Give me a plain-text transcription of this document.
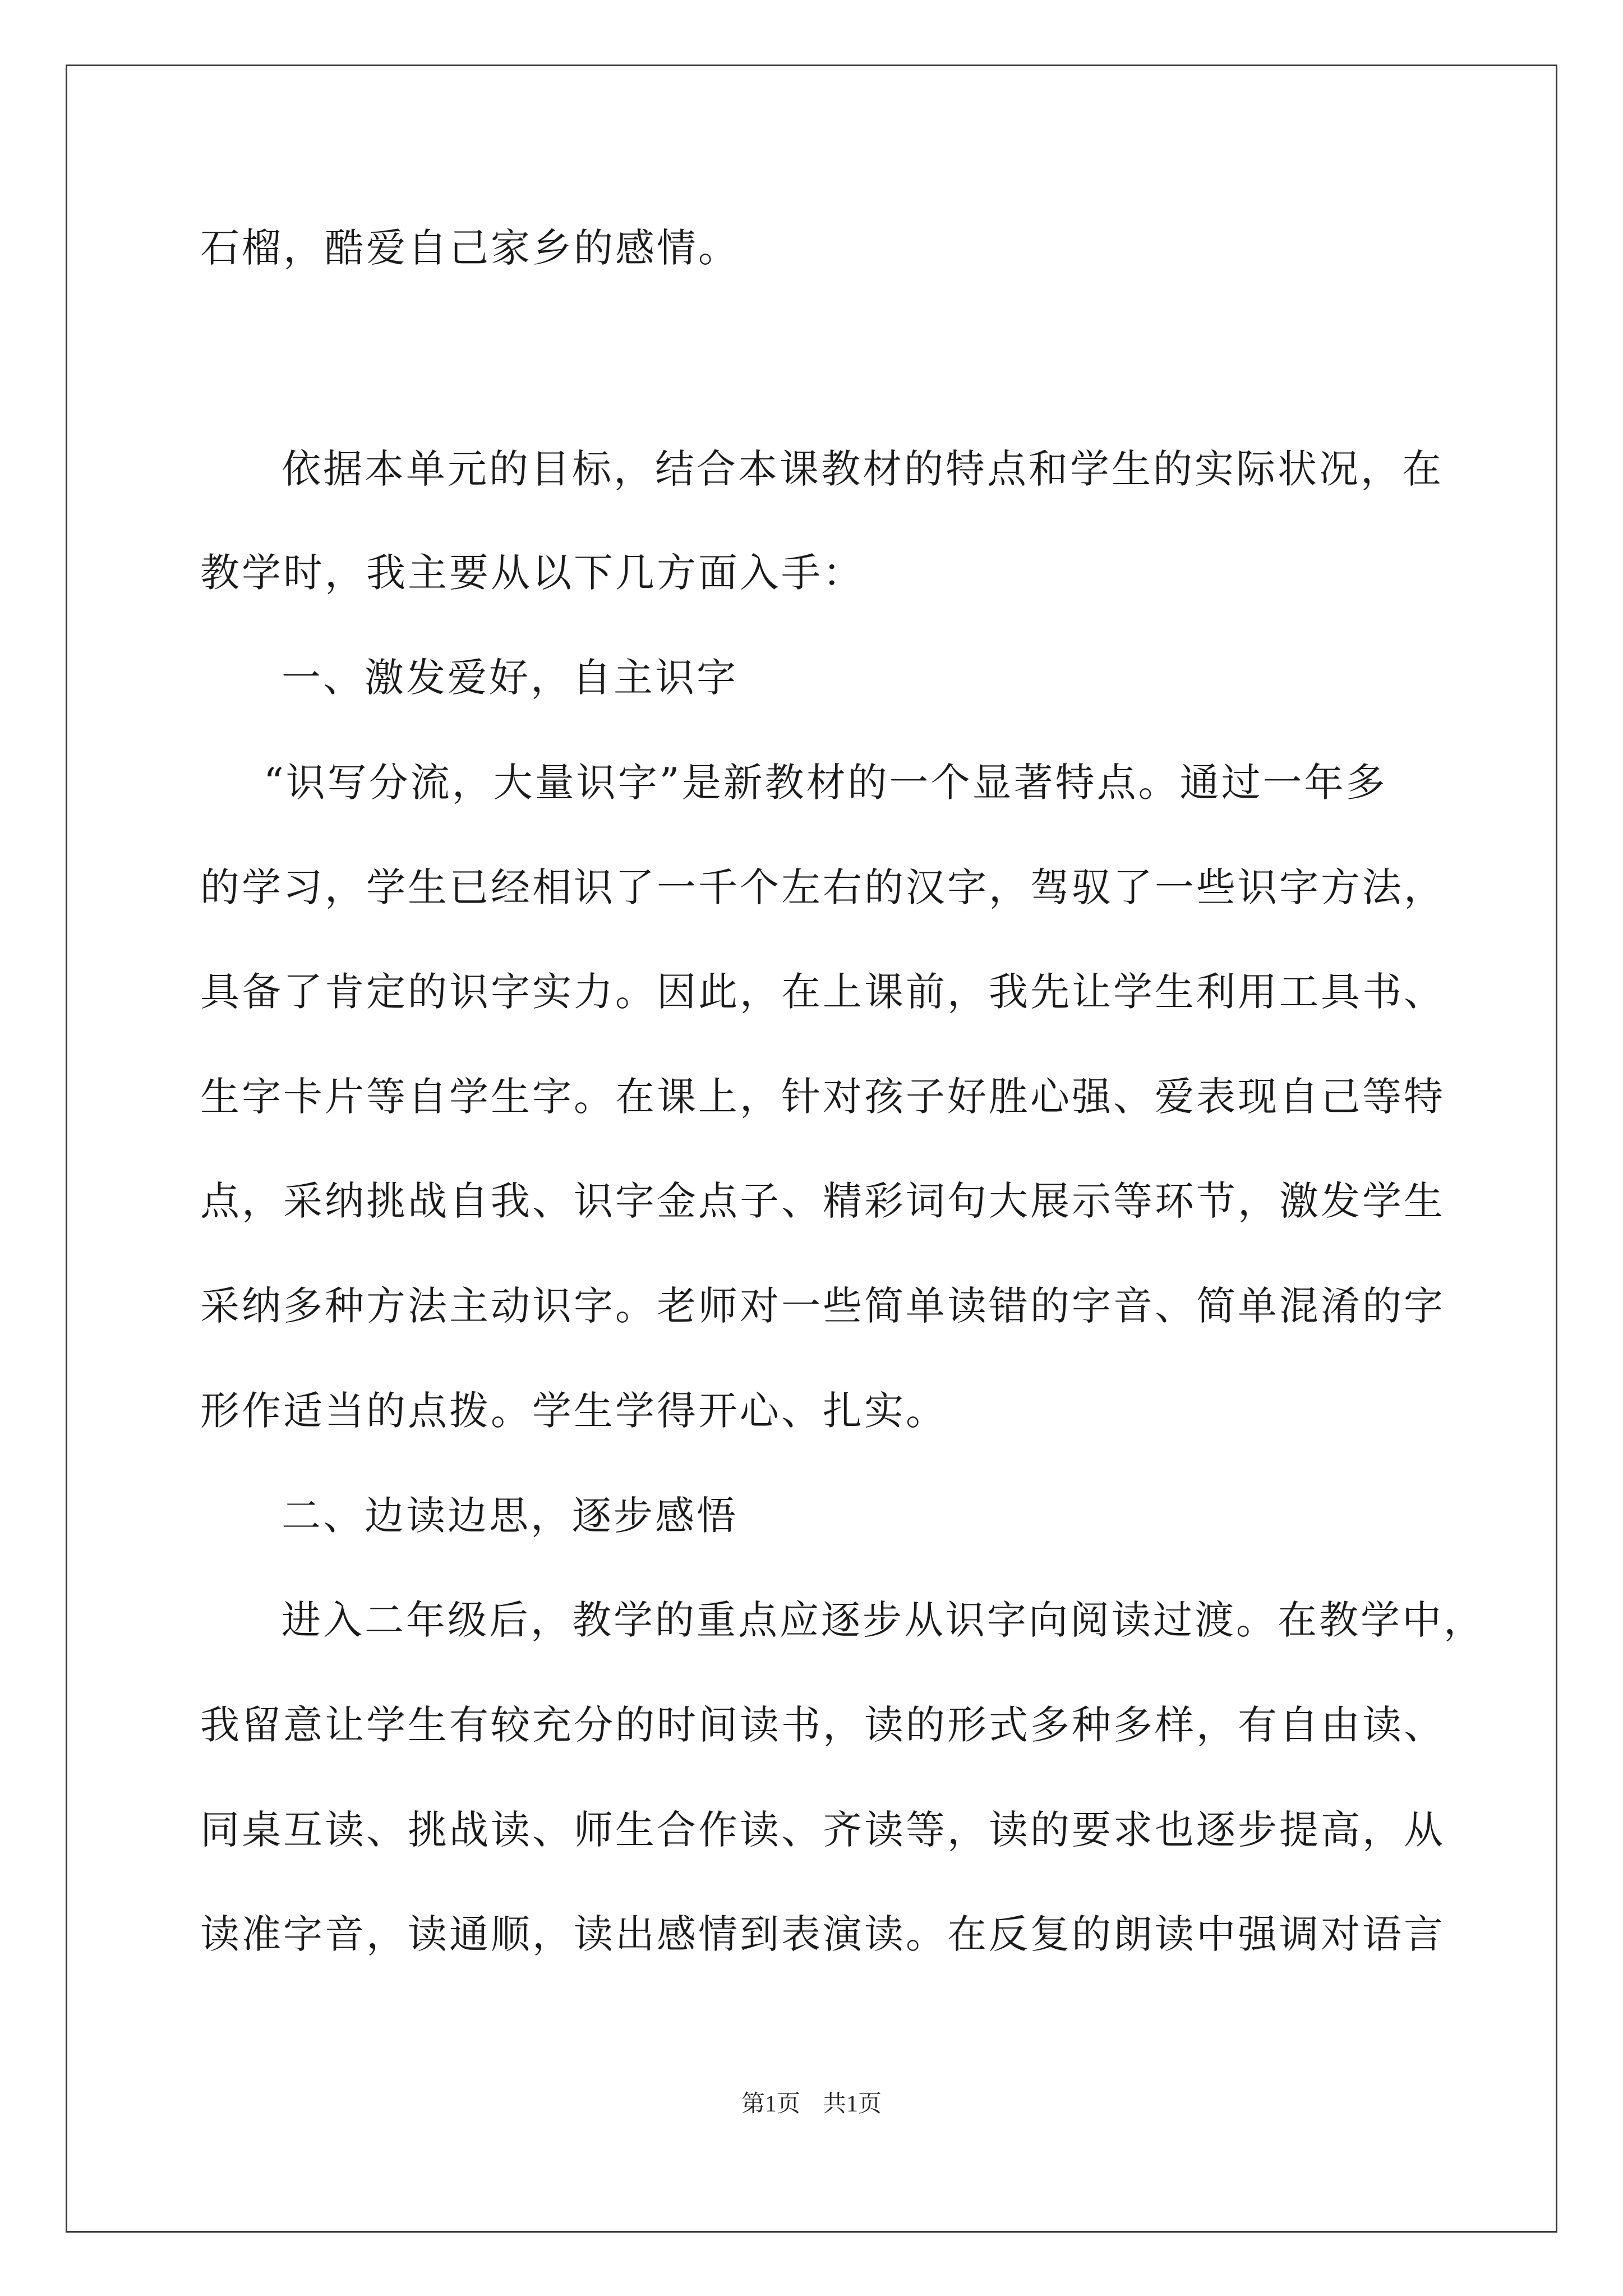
石榴，酷爱自己家乡的感情。
依据本单元的目标，结合本课教材的特点和学生的实际状况，在
教学时，我主要从以下几方面入手：
一、激发爱好，自主识字
“识写分流，大量识字”是新教材的一个显著特点。通过一年多
的学习，学生已经相识了一千个左右的汉字，驾驭了一些识字方法，
具备了肯定的识字实力。因此，在上课前，我先让学生利用工具书、
生字卡片等自学生字。在课上，针对孩子好胜心强、爱表现自己等特
点，采纳挑战自我、识字金点子、精彩词句大展示等环节，激发学生
采纳多种方法主动识字。老师对一些简单读错的字音、简单混淆的字
形作适当的点拨。学生学得开心、扎实。
二、边读边思，逐步感悟
进入二年级后，教学的重点应逐步从识字向阅读过渡。在教学中，
我留意让学生有较充分的时间读书，读的形式多种多样，有自由读、
同桌互读、挑战读、师生合作读、齐读等，读的要求也逐步提高，从
读准字音，读通顺，读出感情到表演读。在反复的朗读中强调对语言
第1页 共1页
